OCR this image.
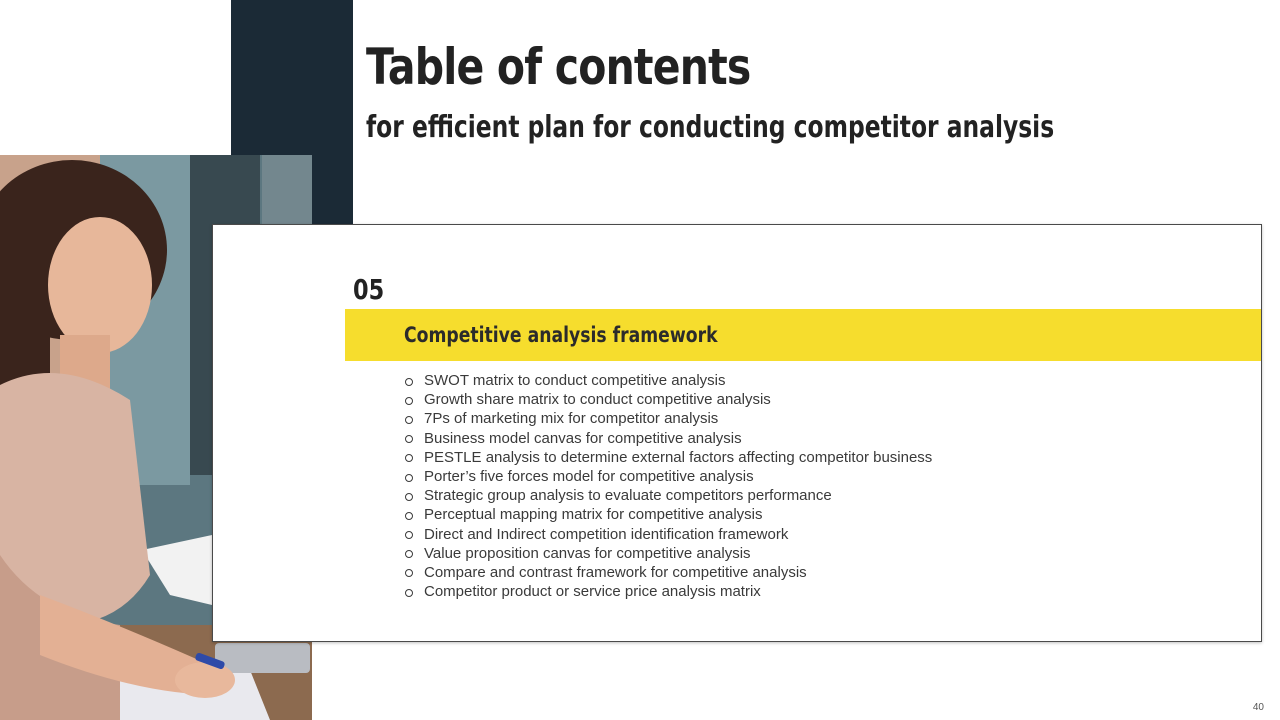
Table of contents
for efficient plan for conducting competitor analysis
05
Competitive analysis framework
SWOT matrix to conduct competitive analysis
Growth share matrix to conduct competitive analysis
7Ps of marketing mix for competitor analysis
Business model canvas for competitive analysis
PESTLE analysis to determine external factors affecting competitor business
Porter’s five forces model for competitive analysis
Strategic group analysis to evaluate competitors performance
Perceptual mapping matrix for competitive analysis
Direct and Indirect competition identification framework
Value proposition canvas for competitive analysis
Compare and contrast framework for competitive analysis
Competitor product or service price analysis matrix
40
